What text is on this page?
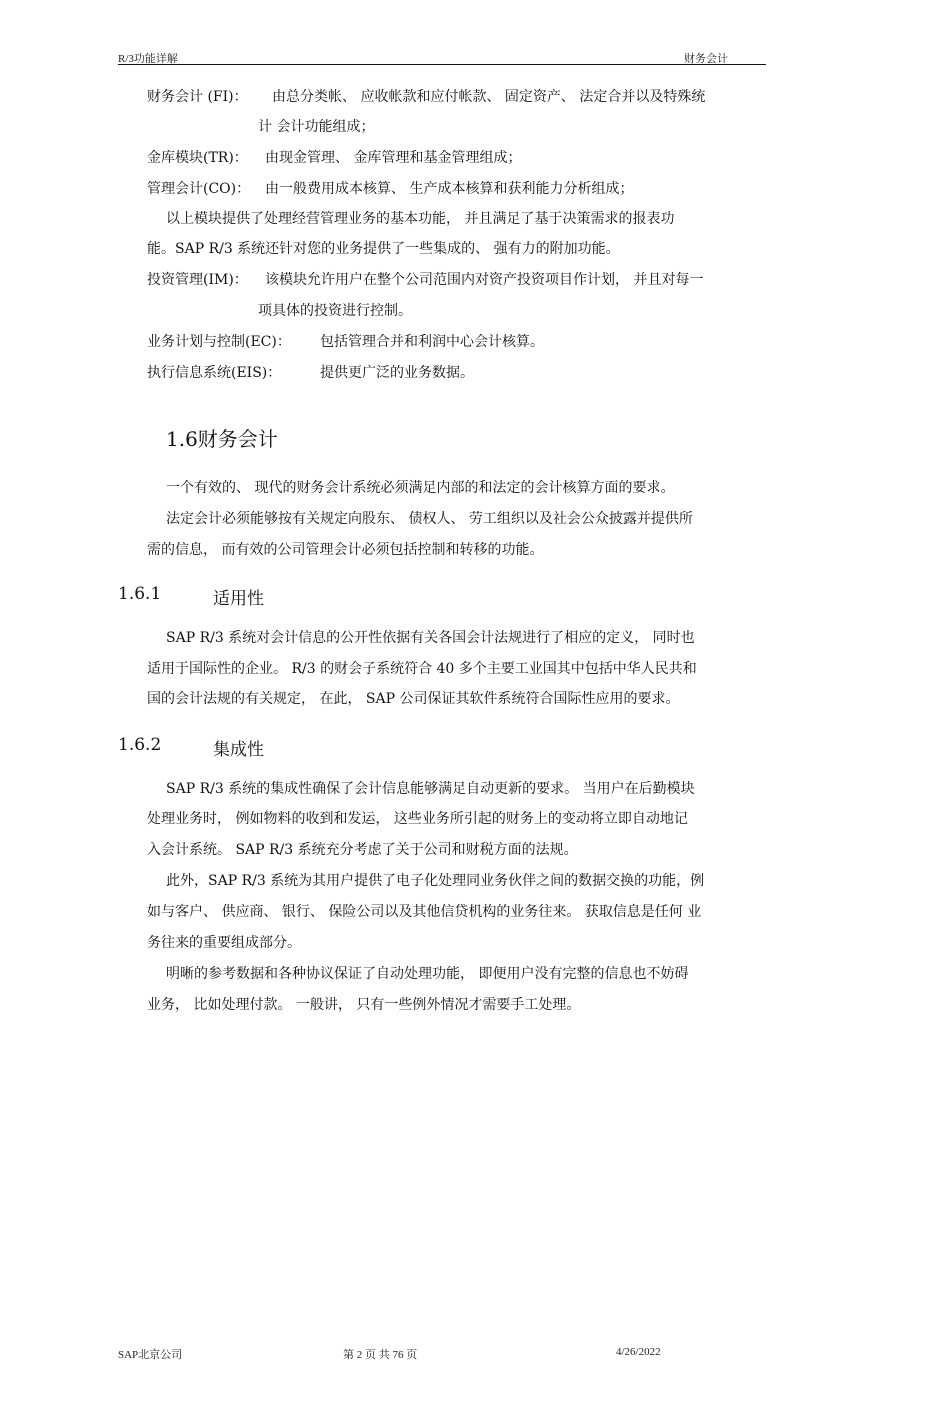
R/3功能详解	财务会计
财务会计 (FI)： 由总分类帐、 应收帐款和应付帐款、 固定资产、 法定合并以及特殊统
计 会计功能组成；
金库模块(TR)： 由现金管理、 金库管理和基金管理组成；
管理会计(CO)： 由一般费用成本核算、 生产成本核算和获利能力分析组成；
以上模块提供了处理经营管理业务的基本功能， 并且满足了基于决策需求的报表功
能。SAP R/3 系统还针对您的业务提供了一些集成的、 强有力的附加功能。
投资管理(IM)： 该模块允许用户在整个公司范围内对资产投资项目作计划， 并且对每一
项具体的投资进行控制。
业务计划与控制(EC)： 包括管理合并和利润中心会计核算。
执行信息系统(EIS)：	提供更广泛的业务数据。
1.6财务会计
一个有效的、 现代的财务会计系统必须满足内部的和法定的会计核算方面的要求。
法定会计必须能够按有关规定向股东、 债权人、 劳工组织以及社会公众披露并提供所
需的信息， 而有效的公司管理会计必须包括控制和转移的功能。
1.6.1	适用性
SAP R/3 系统对会计信息的公开性依据有关各国会计法规进行了相应的定义， 同时也
适用于国际性的企业。 R/3 的财会子系统符合 40 多个主要工业国其中包括中华人民共和
国的会计法规的有关规定， 在此， SAP 公司保证其软件系统符合国际性应用的要求。
1.6.2	集成性
SAP R/3 系统的集成性确保了会计信息能够满足自动更新的要求。 当用户在后勤模块
处理业务时， 例如物料的收到和发运， 这些业务所引起的财务上的变动将立即自动地记
入会计系统。 SAP R/3 系统充分考虑了关于公司和财税方面的法规。
此外，SAP R/3 系统为其用户提供了电子化处理同业务伙伴之间的数据交换的功能，例
如与客户、 供应商、 银行、 保险公司以及其他信贷机构的业务往来。 获取信息是任何 业
务往来的重要组成部分。
明晰的参考数据和各种协议保证了自动处理功能， 即便用户没有完整的信息也不妨碍
业务， 比如处理付款。 一般讲， 只有一些例外情况才需要手工处理。
SAP北京公司	第 2 页 共 76 页	4/26/2022
